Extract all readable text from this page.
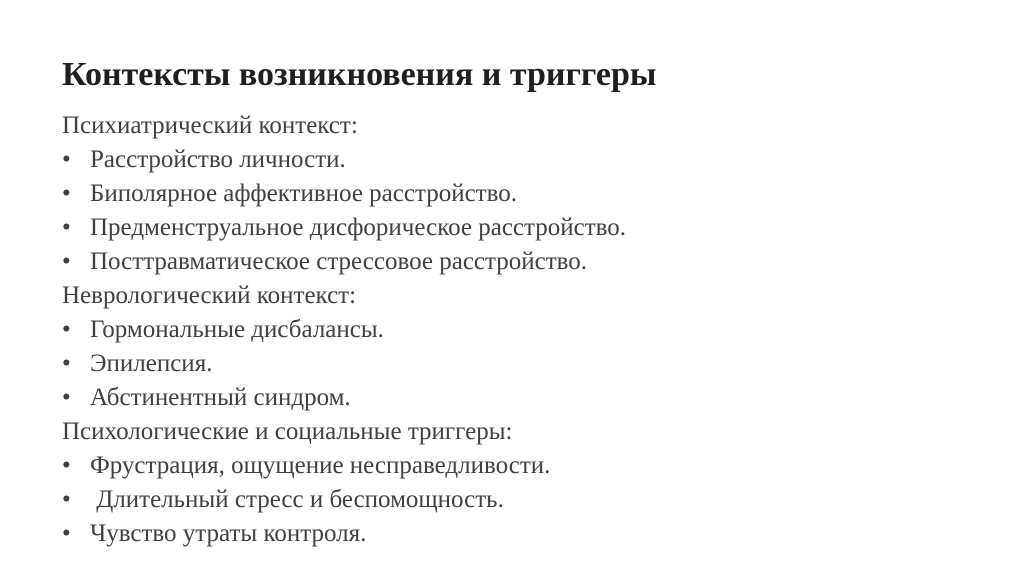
Контексты возникновения и триггеры
Психиатрический контекст:
• Расстройство личности.
• Биполярное аффективное расстройство.
• Предменструальное дисфорическое расстройство.
• Посттравматическое стрессовое расстройство.
Неврологический контекст:
• Гормональные дисбалансы.
• Эпилепсия.
• Абстинентный синдром.
Психологические и социальные триггеры:
• Фрустрация, ощущение несправедливости.
• Длительный стресс и беспомощность.
• Чувство утраты контроля.
